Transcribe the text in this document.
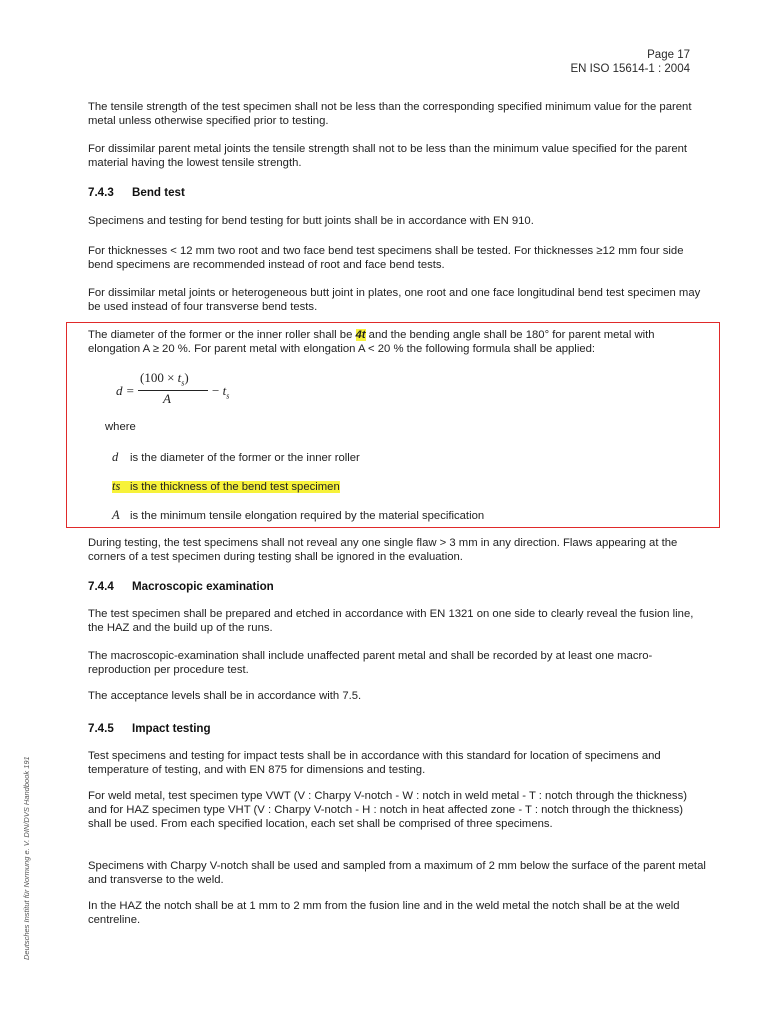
Page 17
EN ISO 15614-1 : 2004
The tensile strength of the test specimen shall not be less than the corresponding specified minimum value for the parent metal unless otherwise specified prior to testing.
For dissimilar parent metal joints the tensile strength shall not to be less than the minimum value specified for the parent material having the lowest tensile strength.
7.4.3 Bend test
Specimens and testing for bend testing for butt joints shall be in accordance with EN 910.
For thicknesses < 12 mm two root and two face bend test specimens shall be tested. For thicknesses ≥12 mm four side bend specimens are recommended instead of root and face bend tests.
For dissimilar metal joints or heterogeneous butt joint in plates, one root and one face longitudinal bend test specimen may be used instead of four transverse bend tests.
The diameter of the former or the inner roller shall be 4t and the bending angle shall be 180° for parent metal with elongation A ≥ 20 %. For parent metal with elongation A < 20 % the following formula shall be applied:
d =
$(100 \times t_s)$
A
− $t_s$
where
d is the diameter of the former or the inner roller
ts is the thickness of the bend test specimen
A is the minimum tensile elongation required by the material specification
During testing, the test specimens shall not reveal any one single flaw > 3 mm in any direction. Flaws appearing at the corners of a test specimen during testing shall be ignored in the evaluation.
7.4.4 Macroscopic examination
The test specimen shall be prepared and etched in accordance with EN 1321 on one side to clearly reveal the fusion line, the HAZ and the build up of the runs.
The macroscopic-examination shall include unaffected parent metal and shall be recorded by at least one macro-reproduction per procedure test.
The acceptance levels shall be in accordance with 7.5.
7.4.5 Impact testing
Test specimens and testing for impact tests shall be in accordance with this standard for location of specimens and temperature of testing, and with EN 875 for dimensions and testing.
For weld metal, test specimen type VWT (V : Charpy V-notch - W : notch in weld metal - T : notch through the thickness) and for HAZ specimen type VHT (V : Charpy V-notch - H : notch in heat affected zone - T : notch through the thickness) shall be used. From each specified location, each set shall be comprised of three specimens.
Specimens with Charpy V-notch shall be used and sampled from a maximum of 2 mm below the surface of the parent metal and transverse to the weld.
In the HAZ the notch shall be at 1 mm to 2 mm from the fusion line and in the weld metal the notch shall be at the weld centreline.
Deutsches Institut für Normung e. V. DIN/DVS Handbook 191
